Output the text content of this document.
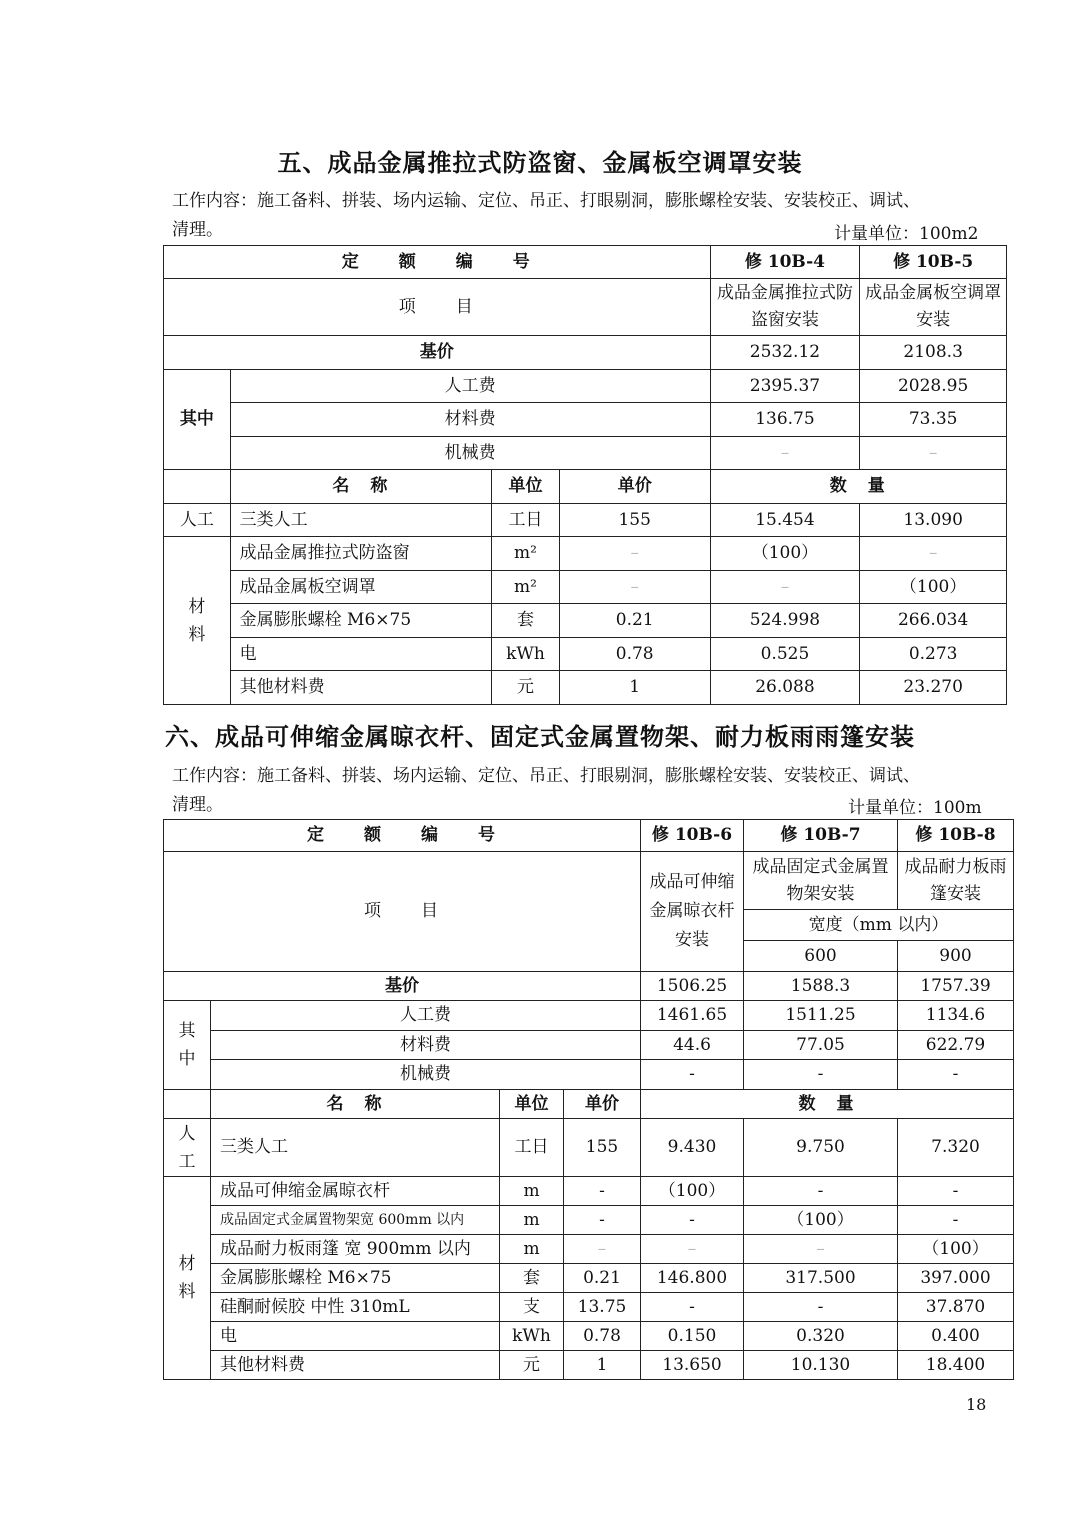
五、成品金属推拉式防盗窗、金属板空调罩安装
工作内容：施工备料、拼装、场内运输、定位、吊正、打眼剔洞，膨胀螺栓安装、安装校正、调试、
清理。	计量单位：100m2
定　　额　　编　　号				修 10B-4	修 10B-5
项　　目				成品金属推拉式防盗窗安装	成品金属板空调罩安装
基价				2532.12	2108.3
其中	人工费			2395.37	2028.95
	材料费			136.75	73.35
	机械费			–	–
	名　称	单位	单价	数　量	
人工	三类人工	工日	155	15.454	13.090
材
料	成品金属推拉式防盗窗	m²	–	（100）	–
	成品金属板空调罩	m²	–	–	（100）
	金属膨胀螺栓 M6×75	套	0.21	524.998	266.034
	电	kWh	0.78	0.525	0.273
	其他材料费	元	1	26.088	23.270
六、成品可伸缩金属晾衣杆、固定式金属置物架、耐力板雨雨篷安装
工作内容：施工备料、拼装、场内运输、定位、吊正、打眼剔洞，膨胀螺栓安装、安装校正、调试、
清理。	计量单位：100m
定　　额　　编　　号				修 10B-6	修 10B-7	修 10B-8
项　　目				成品可伸缩金属晾衣杆安装	成品固定式金属置物架安装	成品耐力板雨篷安装
					宽度（mm 以内）	
					600	900
基价				1506.25	1588.3	1757.39
其
中	人工费			1461.65	1511.25	1134.6
	材料费			44.6	77.05	622.79
	机械费			-	-	-
	名　称	单位	单价	数　量		
人
工	三类人工	工日	155	9.430	9.750	7.320
材
料	成品可伸缩金属晾衣杆	m	-	（100）	-	-
	成品固定式金属置物架宽 600mm 以内	m	-	-	（100）	-
	成品耐力板雨篷 宽 900mm 以内	m	–	–	–	（100）
	金属膨胀螺栓 M6×75	套	0.21	146.800	317.500	397.000
	硅酮耐候胶 中性 310mL	支	13.75	-	-	37.870
	电	kWh	0.78	0.150	0.320	0.400
	其他材料费	元	1	13.650	10.130	18.400
18
